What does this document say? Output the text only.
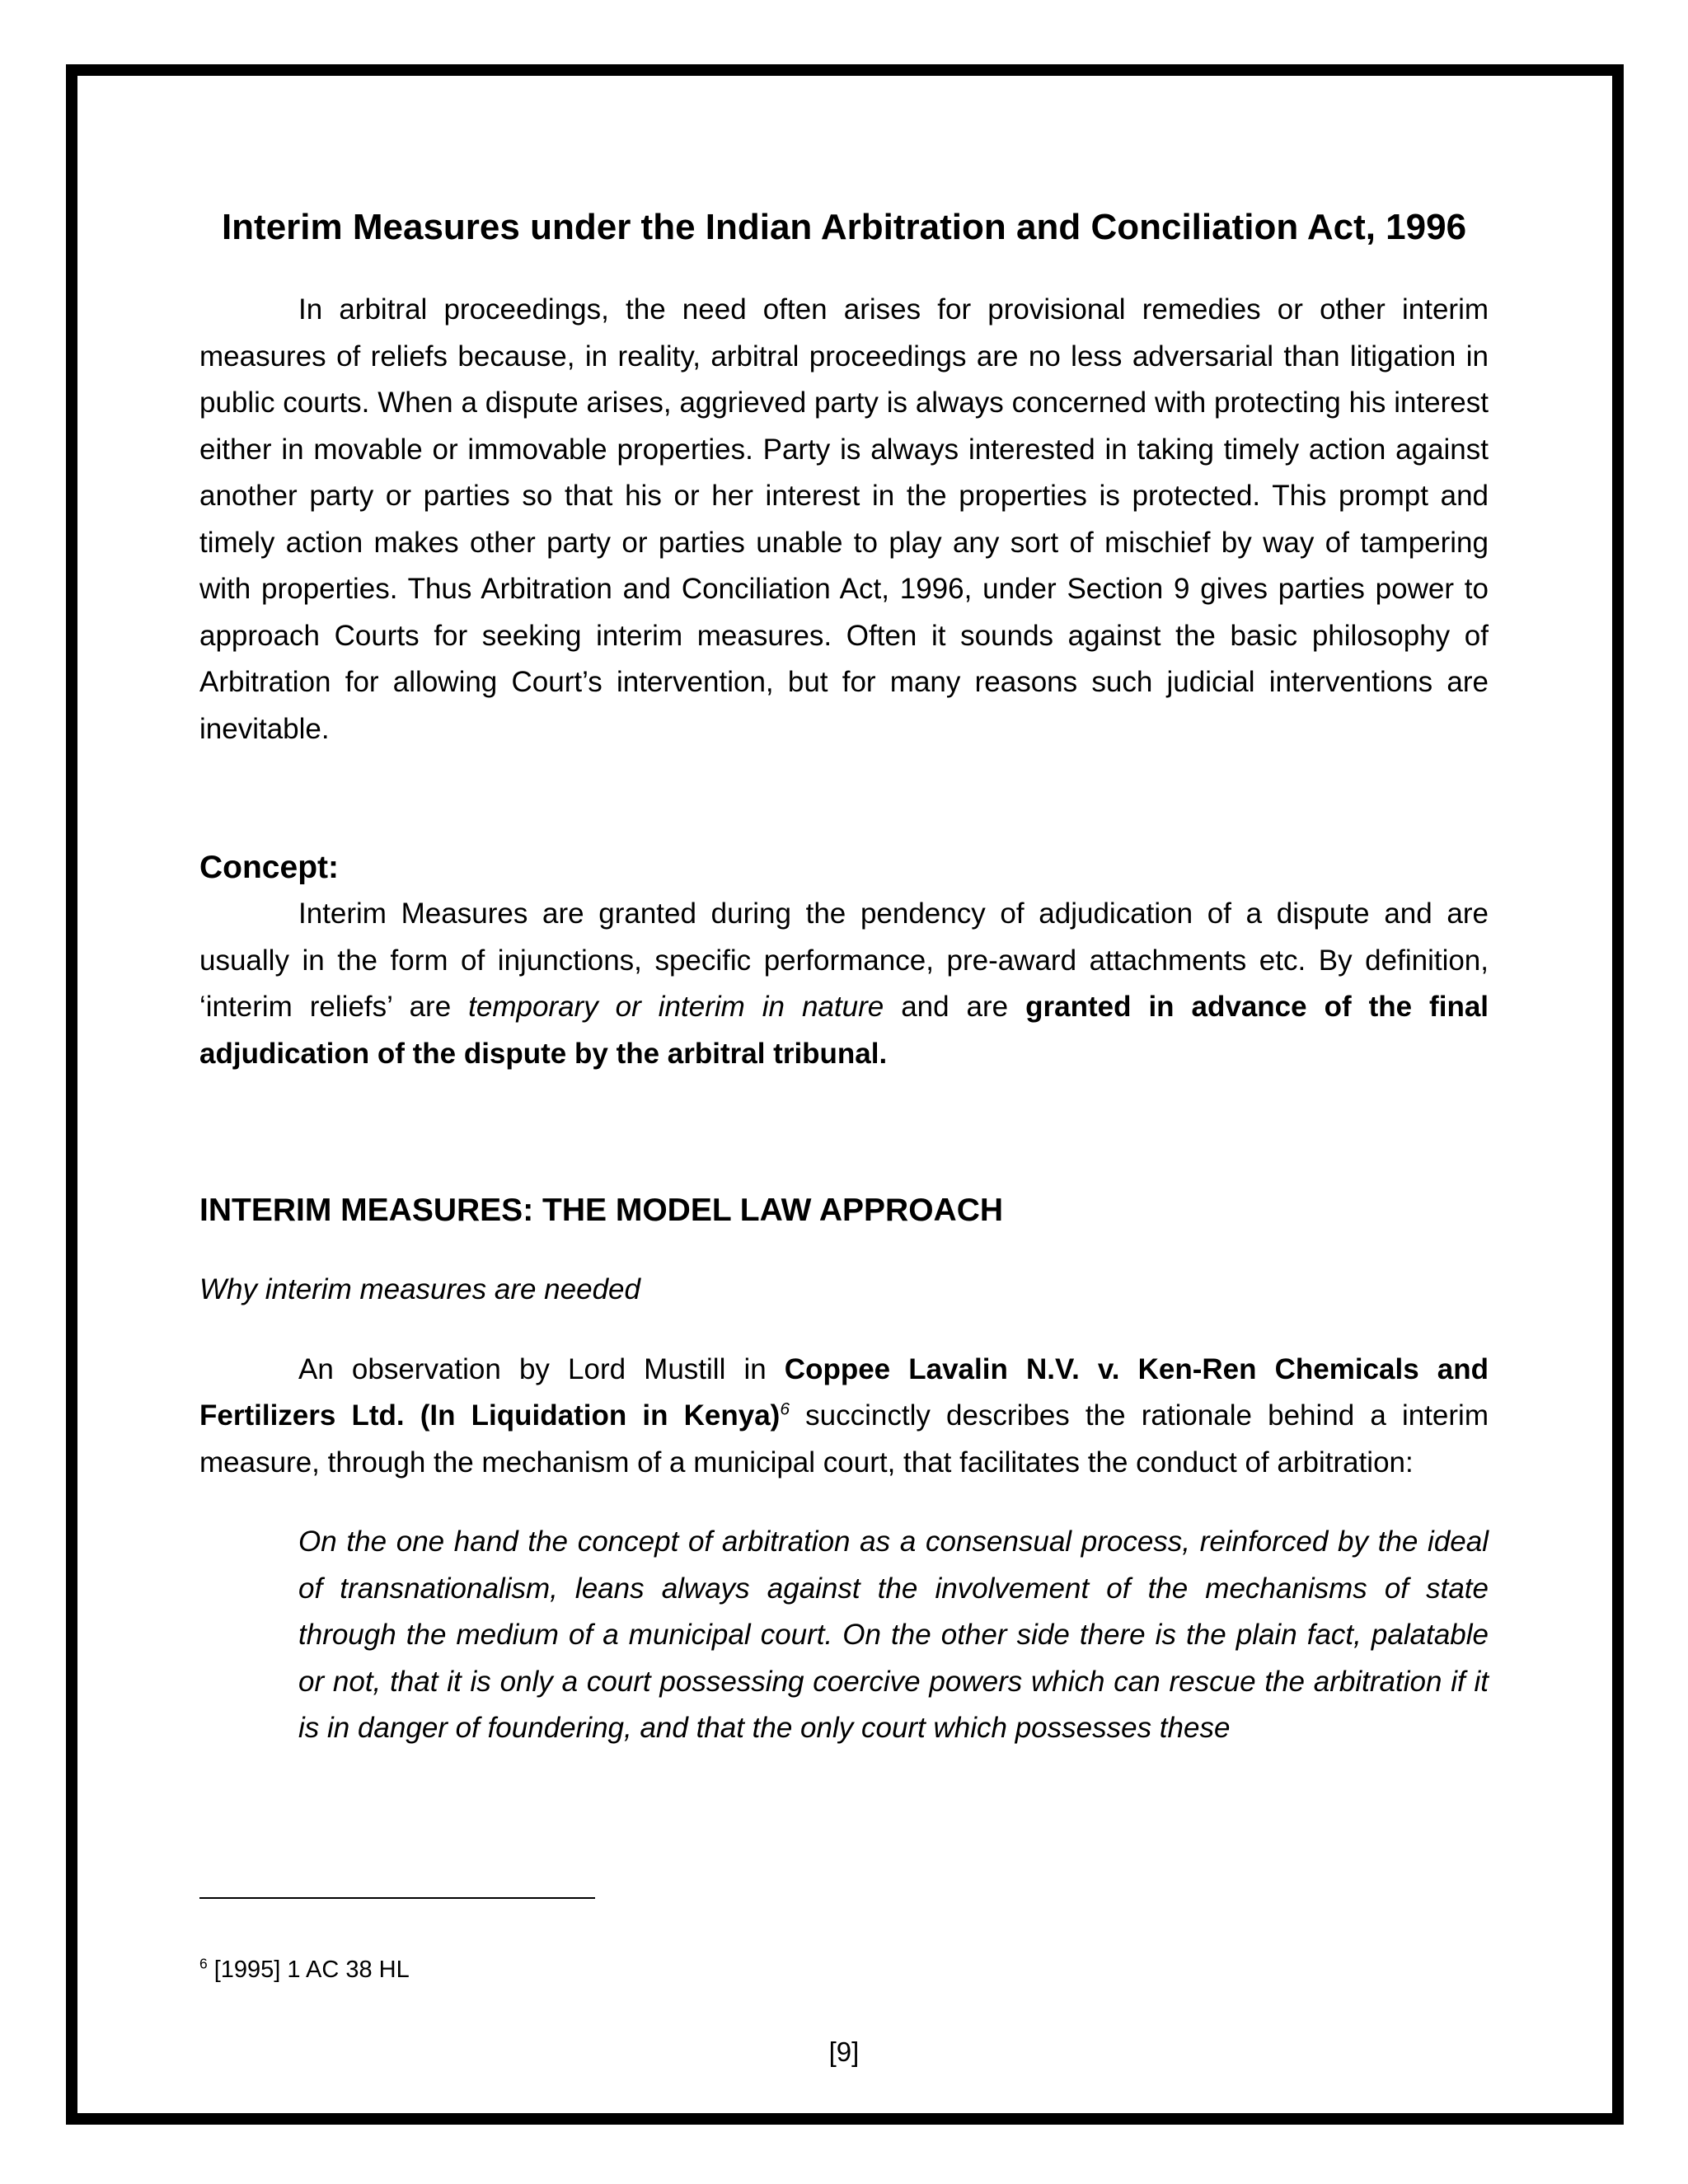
Interim Measures under the Indian Arbitration and Conciliation Act, 1996

In arbitral proceedings, the need often arises for provisional remedies or other interim measures of reliefs because, in reality, arbitral proceedings are no less adversarial than litigation in public courts. When a dispute arises, aggrieved party is always concerned with protecting his interest either in movable or immovable properties. Party is always interested in taking timely action against another party or parties so that his or her interest in the properties is protected. This prompt and timely action makes other party or parties unable to play any sort of mischief by way of tampering with properties. Thus Arbitration and Conciliation Act, 1996, under Section 9 gives parties power to approach Courts for seeking interim measures. Often it sounds against the basic philosophy of Arbitration for allowing Court’s intervention, but for many reasons such judicial interventions are inevitable.

Concept:

Interim Measures are granted during the pendency of adjudication of a dispute and are usually in the form of injunctions, specific performance, pre-award attachments etc. By definition, ‘interim reliefs’ are temporary or interim in nature and are granted in advance of the final adjudication of the dispute by the arbitral tribunal.

INTERIM MEASURES: THE MODEL LAW APPROACH

Why interim measures are needed

An observation by Lord Mustill in Coppee Lavalin N.V. v. Ken-Ren Chemicals and Fertilizers Ltd. (In Liquidation in Kenya)$^6$ succinctly describes the rationale behind a interim measure, through the mechanism of a municipal court, that facilitates the conduct of arbitration:

On the one hand the concept of arbitration as a consensual process, reinforced by the ideal of transnationalism, leans always against the involvement of the mechanisms of state through the medium of a municipal court. On the other side there is the plain fact, palatable or not, that it is only a court possessing coercive powers which can rescue the arbitration if it is in danger of foundering, and that the only court which possesses these

$^6$ [1995] 1 AC 38 HL
[9]
